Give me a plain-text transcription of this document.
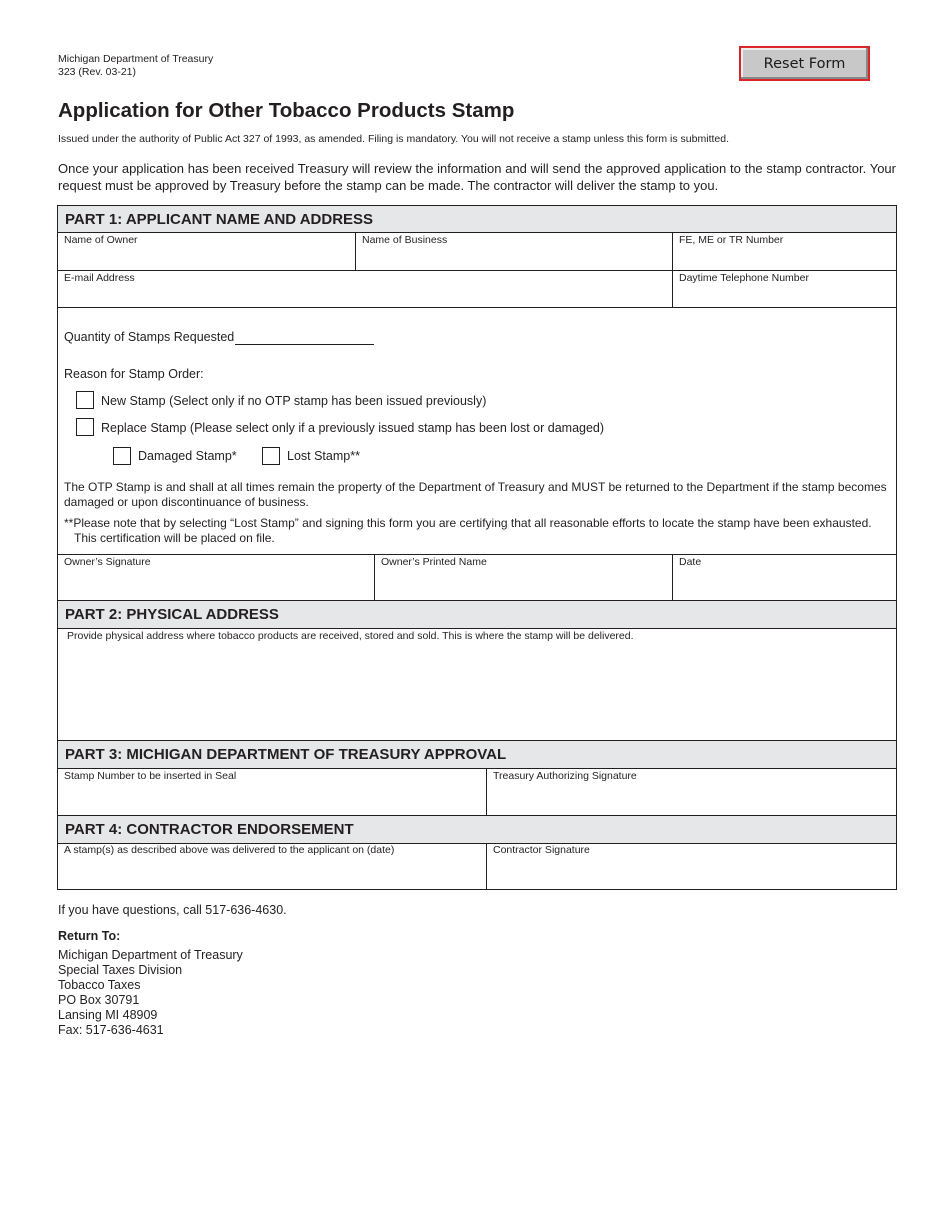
Michigan Department of Treasury
323 (Rev. 03-21)
Reset Form
Application for Other Tobacco Products Stamp
Issued under the authority of Public Act 327 of 1993, as amended. Filing is mandatory. You will not receive a stamp unless this form is submitted.
Once your application has been received Treasury will review the information and will send the approved application to the stamp contractor. Your request must be approved by Treasury before the stamp can be made. The contractor will deliver the stamp to you.
PART 1: APPLICANT NAME AND ADDRESS
Name of Owner	Name of Business	FE, ME or TR Number
E-mail Address	Daytime Telephone Number
Quantity of Stamps Requested
Reason for Stamp Order:
New Stamp (Select only if no OTP stamp has been issued previously)
Replace Stamp (Please select only if a previously issued stamp has been lost or damaged)
Damaged Stamp*	Lost Stamp**
The OTP Stamp is and shall at all times remain the property of the Department of Treasury and MUST be returned to the Department if the stamp becomes damaged or upon discontinuance of business.
**Please note that by selecting “Lost Stamp” and signing this form you are certifying that all reasonable efforts to locate the stamp have been exhausted.
This certification will be placed on file.
Owner’s Signature	Owner’s Printed Name	Date
PART 2: PHYSICAL ADDRESS
Provide physical address where tobacco products are received, stored and sold. This is where the stamp will be delivered.
PART 3: MICHIGAN DEPARTMENT OF TREASURY APPROVAL
Stamp Number to be inserted in Seal	Treasury Authorizing Signature
PART 4: CONTRACTOR ENDORSEMENT
A stamp(s) as described above was delivered to the applicant on (date)	Contractor Signature
If you have questions, call 517-636-4630.
Return To:
Michigan Department of Treasury
Special Taxes Division
Tobacco Taxes
PO Box 30791
Lansing MI 48909
Fax: 517-636-4631
